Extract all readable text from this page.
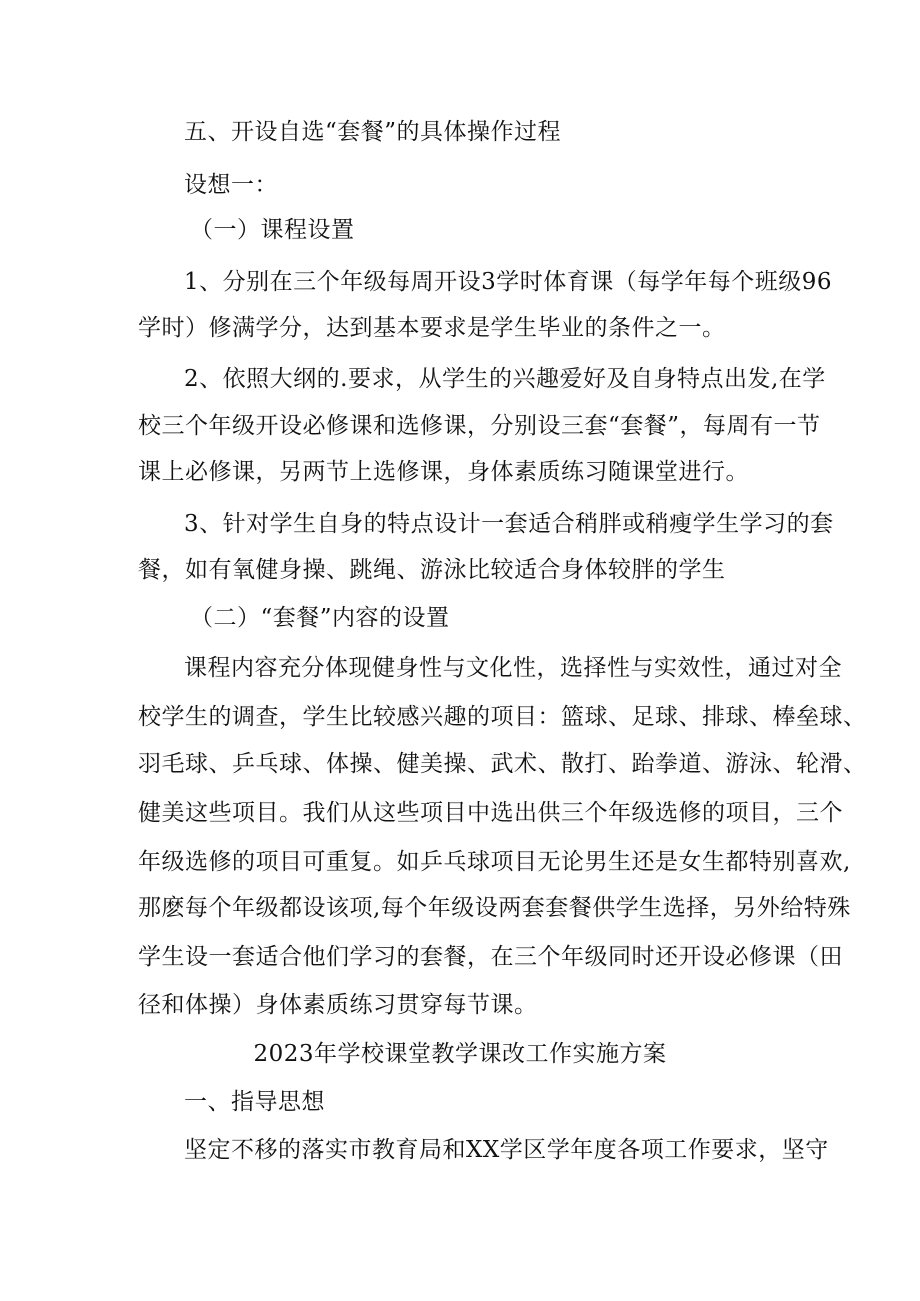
五、开设自选“套餐”的具体操作过程
设想一：
（一）课程设置
1、分别在三个年级每周开设3学时体育课（每学年每个班级96
学时）修满学分，达到基本要求是学生毕业的条件之一。
2、依照大纲的.要求，从学生的兴趣爱好及自身特点出发,在学
校三个年级开设必修课和选修课，分别设三套“套餐”，每周有一节
课上必修课，另两节上选修课，身体素质练习随课堂进行。
3、针对学生自身的特点设计一套适合稍胖或稍瘦学生学习的套
餐，如有氧健身操、跳绳、游泳比较适合身体较胖的学生
（二）“套餐”内容的设置
课程内容充分体现健身性与文化性，选择性与实效性，通过对全
校学生的调查，学生比较感兴趣的项目：篮球、足球、排球、棒垒球、
羽毛球、乒乓球、体操、健美操、武术、散打、跆拳道、游泳、轮滑、
健美这些项目。我们从这些项目中选出供三个年级选修的项目，三个
年级选修的项目可重复。如乒乓球项目无论男生还是女生都特别喜欢,
那麽每个年级都设该项,每个年级设两套套餐供学生选择，另外给特殊
学生设一套适合他们学习的套餐，在三个年级同时还开设必修课（田
径和体操）身体素质练习贯穿每节课。
2023年学校课堂教学课改工作实施方案
一、指导思想
坚定不移的落实市教育局和XX学区学年度各项工作要求，坚守
